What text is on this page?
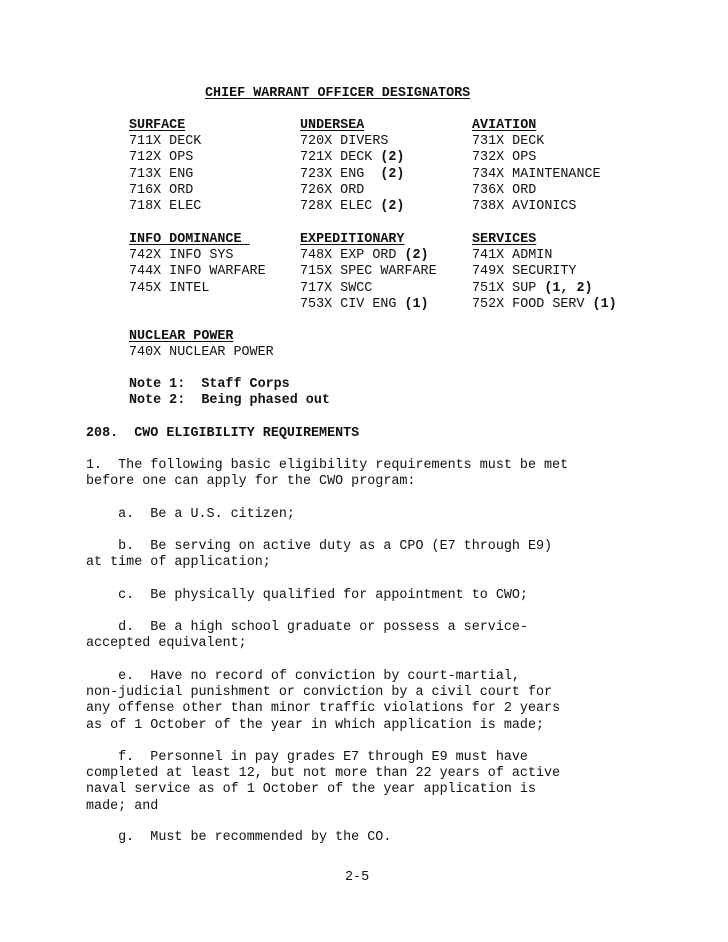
CHIEF WARRANT OFFICER DESIGNATORS
SURFACE
711X DECK
712X OPS
713X ENG
716X ORD
718X ELEC
UNDERSEA
720X DIVERS
721X DECK (2)
723X ENG  (2)
726X ORD
728X ELEC (2)
AVIATION
731X DECK
732X OPS
734X MAINTENANCE
736X ORD
738X AVIONICS
INFO DOMINANCE
742X INFO SYS
744X INFO WARFARE
745X INTEL
EXPEDITIONARY
748X EXP ORD (2)
715X SPEC WARFARE
717X SWCC
753X CIV ENG (1)
SERVICES
741X ADMIN
749X SECURITY
751X SUP (1, 2)
752X FOOD SERV (1)
NUCLEAR POWER
740X NUCLEAR POWER
Note 1:  Staff Corps
Note 2:  Being phased out
208.  CWO ELIGIBILITY REQUIREMENTS
1.  The following basic eligibility requirements must be met
before one can apply for the CWO program:
a.  Be a U.S. citizen;
b.  Be serving on active duty as a CPO (E7 through E9)
at time of application;
c.  Be physically qualified for appointment to CWO;
d.  Be a high school graduate or possess a service-
accepted equivalent;
e.  Have no record of conviction by court-martial,
non-judicial punishment or conviction by a civil court for
any offense other than minor traffic violations for 2 years
as of 1 October of the year in which application is made;
f.  Personnel in pay grades E7 through E9 must have
completed at least 12, but not more than 22 years of active
naval service as of 1 October of the year application is
made; and
g.  Must be recommended by the CO.
2-5
